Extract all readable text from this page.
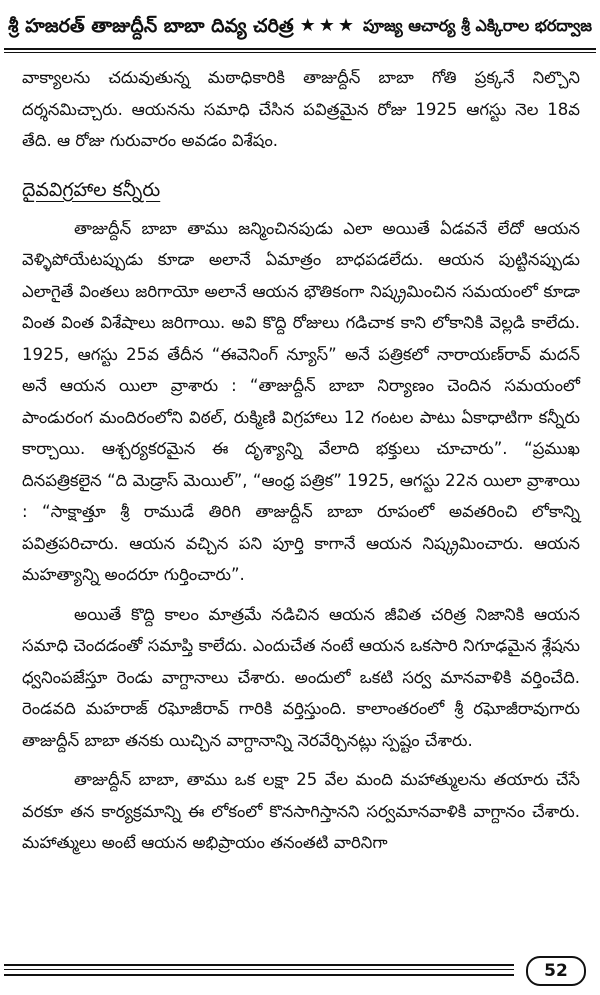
శ్రీ హజరత్ తాజుద్దీన్ బాబా దివ్య చరిత్ర ★★★ పూజ్య ఆచార్య శ్రీ ఎక్కిరాల భరద్వాజ

వాక్యాలను చదువుతున్న మఠాధికారికి తాజుద్దీన్ బాబా గోతి ప్రక్కనే నిల్చొని దర్శనమిచ్చారు. ఆయనను సమాధి చేసిన పవిత్రమైన రోజు 1925 ఆగస్టు నెల 18వ తేది. ఆ రోజు గురువారం అవడం విశేషం.

దైవవిగ్రహాల కన్నీరు

తాజుద్దీన్ బాబా తాము జన్మించినపుడు ఎలా అయితే ఏడవనే లేదో ఆయన వెళ్ళిపోయేటప్పుడు కూడా అలానే ఏమాత్రం బాధపడలేదు. ఆయన పుట్టినప్పుడు ఎలాగైతే వింతలు జరిగాయో అలానే ఆయన భౌతికంగా నిష్క్రమించిన సమయంలో కూడా వింత వింత విశేషాలు జరిగాయి. అవి కొద్ది రోజులు గడిచాక కాని లోకానికి వెల్లడి కాలేదు. 1925, ఆగస్టు 25వ తేదీన “ఈవెనింగ్ న్యూస్” అనే పత్రికలో నారాయణ్‌రావ్ మదన్ అనే ఆయన యిలా వ్రాశారు : “తాజుద్దీన్ బాబా నిర్యాణం చెందిన సమయంలో పాండురంగ మందిరంలోని విఠల్, రుక్మిణి విగ్రహాలు 12 గంటల పాటు ఏకాధాటిగా కన్నీరు కార్చాయి. ఆశ్చర్యకరమైన ఈ దృశ్యాన్ని వేలాది భక్తులు చూచారు”. “ప్రముఖ దినపత్రికలైన “ది మెడ్రాస్ మెయిల్”, “ఆంధ్ర పత్రిక” 1925, ఆగస్టు 22న యిలా వ్రాశాయి : “సాక్షాత్తూ శ్రీ రాముడే తిరిగి తాజుద్దీన్ బాబా రూపంలో అవతరించి లోకాన్ని పవిత్రపరిచారు. ఆయన వచ్చిన పని పూర్తి కాగానే ఆయన నిష్క్రమించారు. ఆయన మహత్యాన్ని అందరూ గుర్తించారు”.

అయితే కొద్ది కాలం మాత్రమే నడిచిన ఆయన జీవిత చరిత్ర నిజానికి ఆయన సమాధి చెందడంతో సమాప్తి కాలేదు. ఎందుచేత నంటే ఆయన ఒకసారి నిగూఢమైన శ్లేషను ధ్వనింపజేస్తూ రెండు వాగ్దానాలు చేశారు. అందులో ఒకటి సర్వ మానవాళికి వర్తించేది. రెండవది మహరాజ్ రఘోజీరావ్ గారికి వర్తిస్తుంది. కాలాంతరంలో శ్రీ రఘోజీరావుగారు తాజుద్దీన్ బాబా తనకు యిచ్చిన వాగ్దానాన్ని నెరవేర్చినట్లు స్పష్టం చేశారు.

తాజుద్దీన్ బాబా, తాము ఒక లక్షా 25 వేల మంది మహాత్ములను తయారు చేసే వరకూ తన కార్యక్రమాన్ని ఈ లోకంలో కొనసాగిస్తానని సర్వమానవాళికి వాగ్దానం చేశారు. మహాత్ములు అంటే ఆయన అభిప్రాయం తనంతటి వారినిగా

52
